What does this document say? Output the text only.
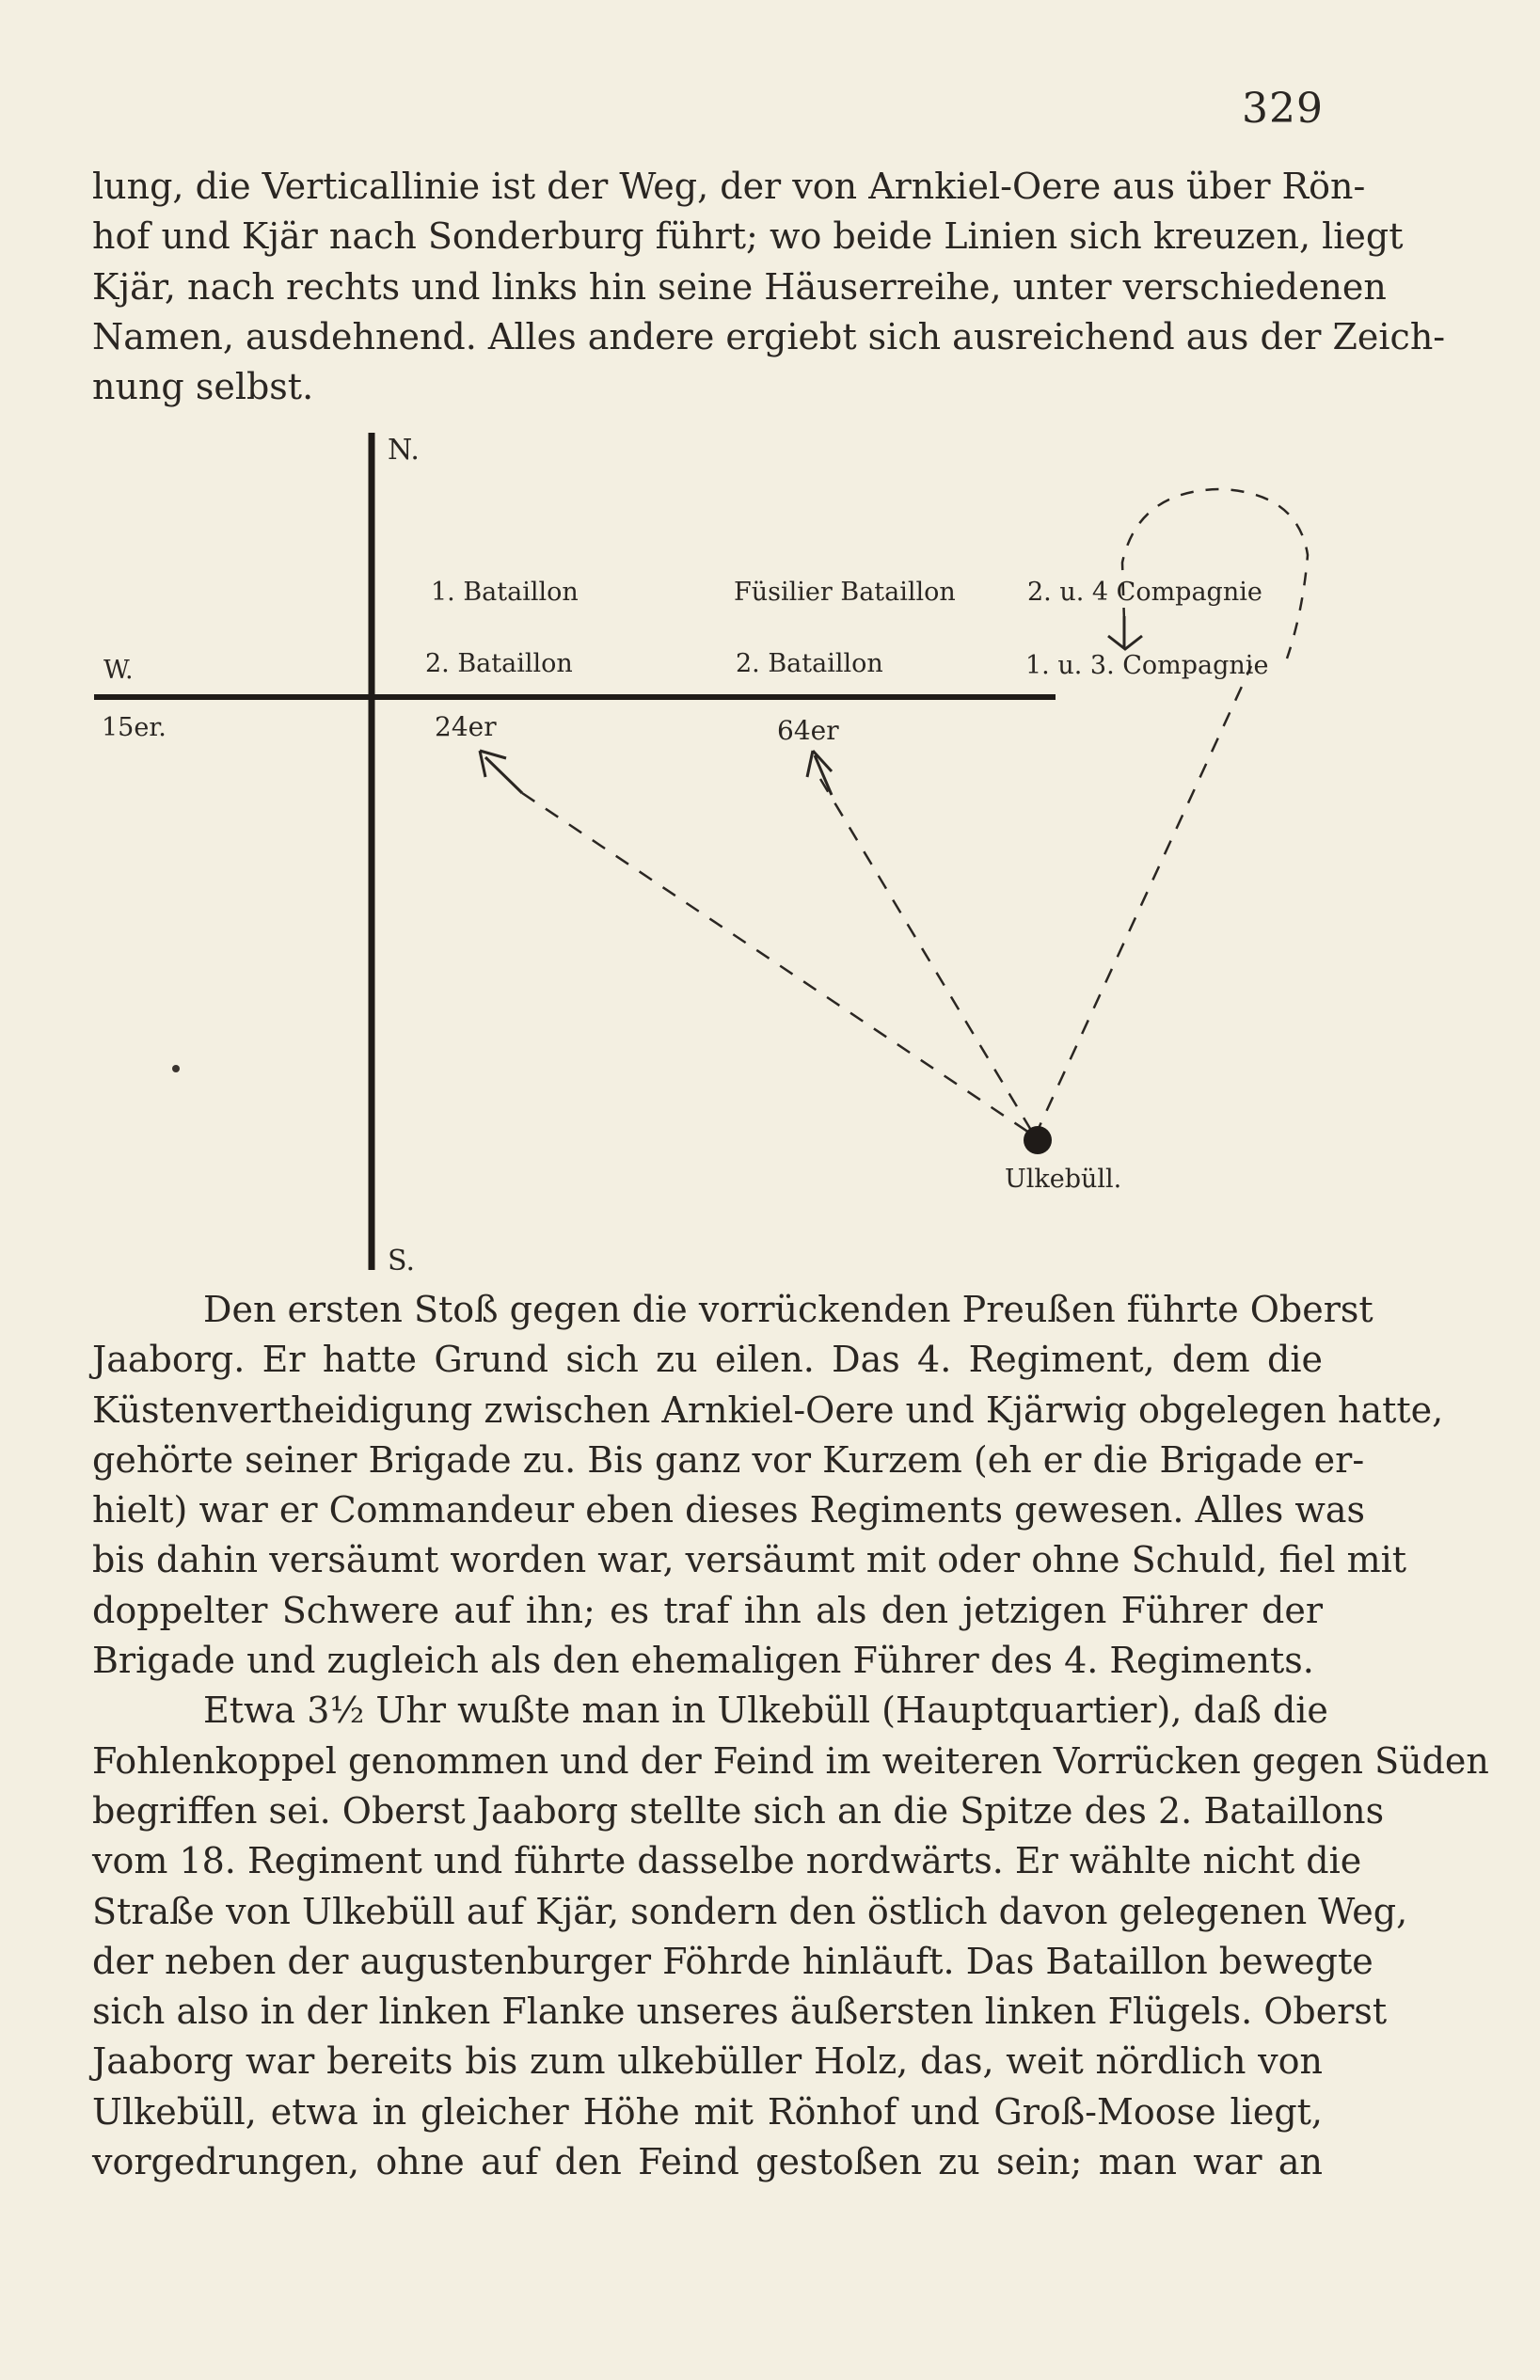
329

lung, die Verticallinie ist der Weg, der von Arnkiel-Oere aus über Rön-
hof und Kjär nach Sonderburg führt; wo beide Linien sich kreuzen, liegt
Kjär, nach rechts und links hin seine Häuserreihe, unter verschiedenen
Namen, ausdehnend. Alles andere ergiebt sich ausreichend aus der Zeich-
nung selbst.

N.
S.
W.
15er.	24er	64er
1. Bataillon
2. Bataillon
Füsilier Bataillon
2. Bataillon
2. u. 4 Compagnie
1. u. 3. Compagnie
Ulkebüll.

Den ersten Stoß gegen die vorrückenden Preußen führte Oberst
Jaaborg. Er hatte Grund sich zu eilen. Das 4. Regiment, dem die
Küstenvertheidigung zwischen Arnkiel-Oere und Kjärwig obgelegen hatte,
gehörte seiner Brigade zu. Bis ganz vor Kurzem (eh er die Brigade er-
hielt) war er Commandeur eben dieses Regiments gewesen. Alles was
bis dahin versäumt worden war, versäumt mit oder ohne Schuld, fiel mit
doppelter Schwere auf ihn; es traf ihn als den jetzigen Führer der
Brigade und zugleich als den ehemaligen Führer des 4. Regiments.
Etwa 3½ Uhr wußte man in Ulkebüll (Hauptquartier), daß die
Fohlenkoppel genommen und der Feind im weiteren Vorrücken gegen Süden
begriffen sei. Oberst Jaaborg stellte sich an die Spitze des 2. Bataillons
vom 18. Regiment und führte dasselbe nordwärts. Er wählte nicht die
Straße von Ulkebüll auf Kjär, sondern den östlich davon gelegenen Weg,
der neben der augustenburger Föhrde hinläuft. Das Bataillon bewegte
sich also in der linken Flanke unseres äußersten linken Flügels. Oberst
Jaaborg war bereits bis zum ulkebüller Holz, das, weit nördlich von
Ulkebüll, etwa in gleicher Höhe mit Rönhof und Groß-Moose liegt,
vorgedrungen, ohne auf den Feind gestoßen zu sein; man war an
